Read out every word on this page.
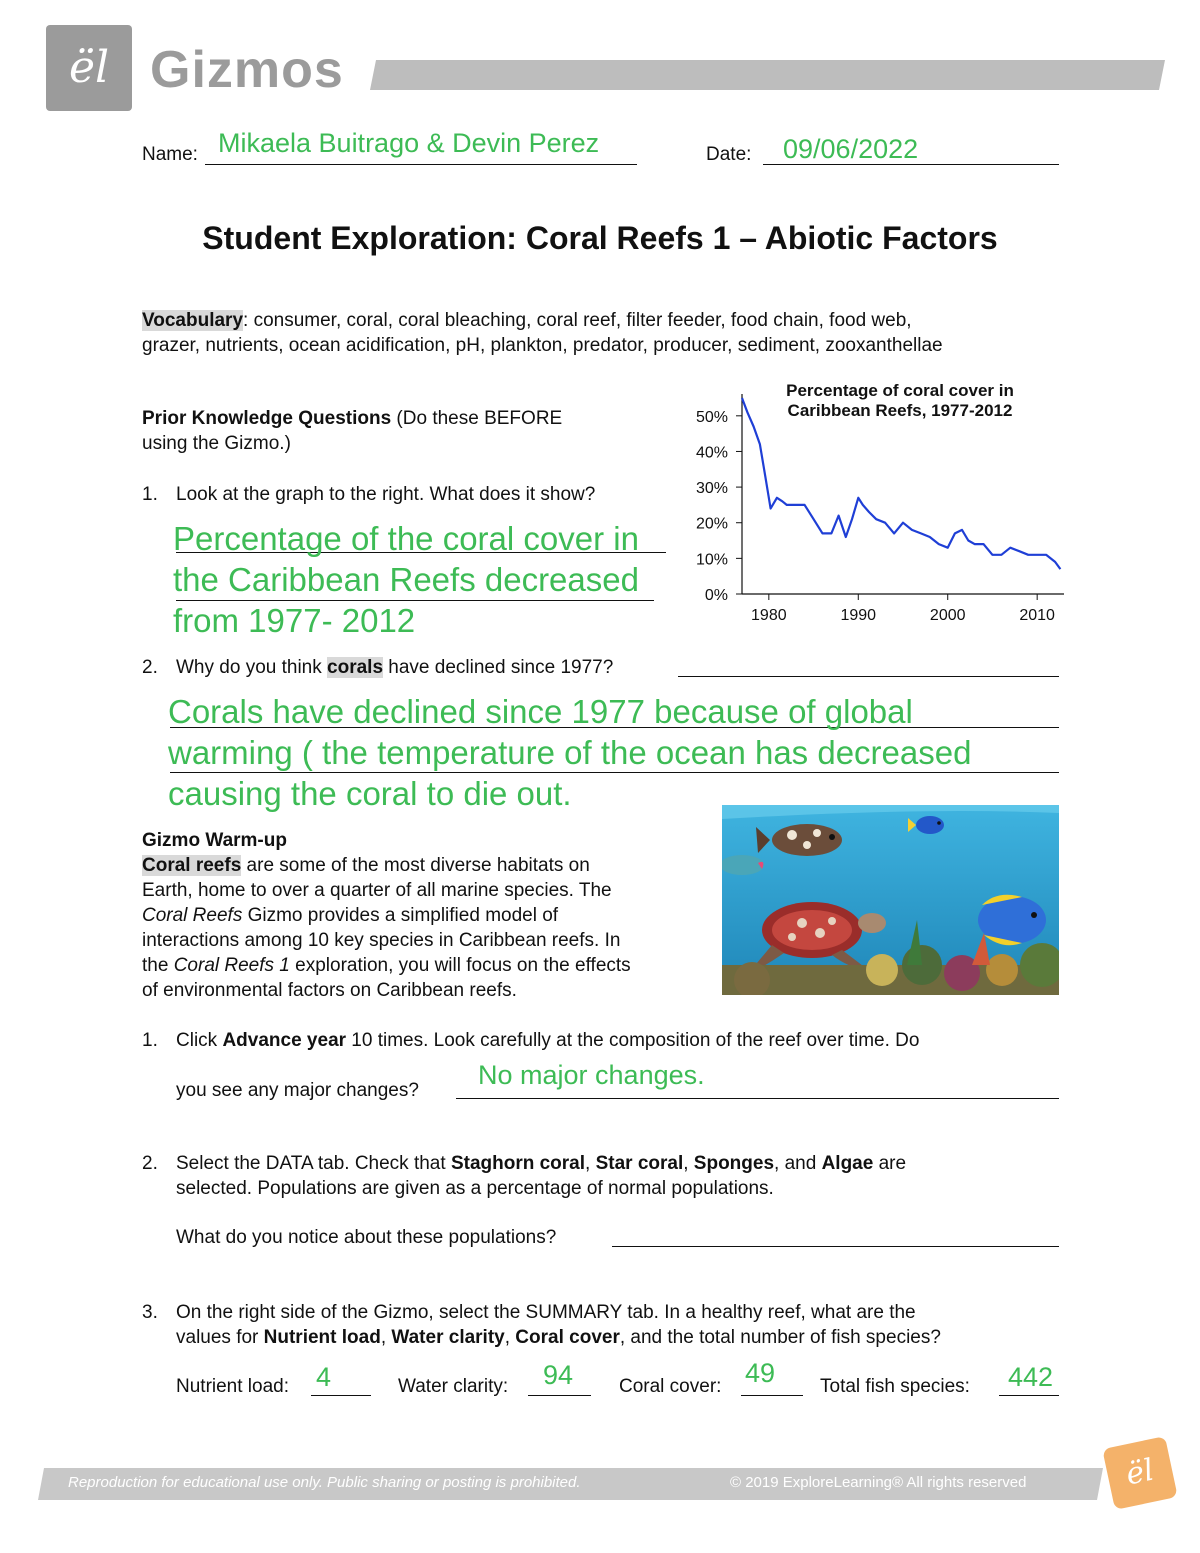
ël Gizmos
Name: Mikaela Buitrago & Devin Perez	Date: 09/06/2022
Student Exploration: Coral Reefs 1 – Abiotic Factors
Vocabulary: consumer, coral, coral bleaching, coral reef, filter feeder, food chain, food web,
grazer, nutrients, ocean acidification, pH, plankton, predator, producer, sediment, zooxanthellae
Prior Knowledge Questions (Do these BEFORE
using the Gizmo.)
1. Look at the graph to the right. What does it show?
Percentage of the coral cover in
the Caribbean Reefs decreased
from 1977- 2012
Percentage of coral cover in Caribbean Reefs, 1977-2012
0%
10%
20%
30%
40%
50%
1980	1990	2000	2010
2. Why do you think corals have declined since 1977?
Corals have declined since 1977 because of global
warming ( the temperature of the ocean has decreased
causing the coral to die out.
Gizmo Warm-up
Coral reefs are some of the most diverse habitats on
Earth, home to over a quarter of all marine species. The
Coral Reefs Gizmo provides a simplified model of
interactions among 10 key species in Caribbean reefs. In
the Coral Reefs 1 exploration, you will focus on the effects
of environmental factors on Caribbean reefs.
1. Click Advance year 10 times. Look carefully at the composition of the reef over time. Do
you see any major changes?
No major changes.
2. Select the DATA tab. Check that Staghorn coral, Star coral, Sponges, and Algae are
selected. Populations are given as a percentage of normal populations.
What do you notice about these populations?
3. On the right side of the Gizmo, select the SUMMARY tab. In a healthy reef, what are the
values for Nutrient load, Water clarity, Coral cover, and the total number of fish species?
Nutrient load: 4	Water clarity: 94 Coral cover: 49 Total fish species: 442
Reproduction for educational use only. Public sharing or posting is prohibited.	© 2019 ExploreLearning® All rights reserved	ël
